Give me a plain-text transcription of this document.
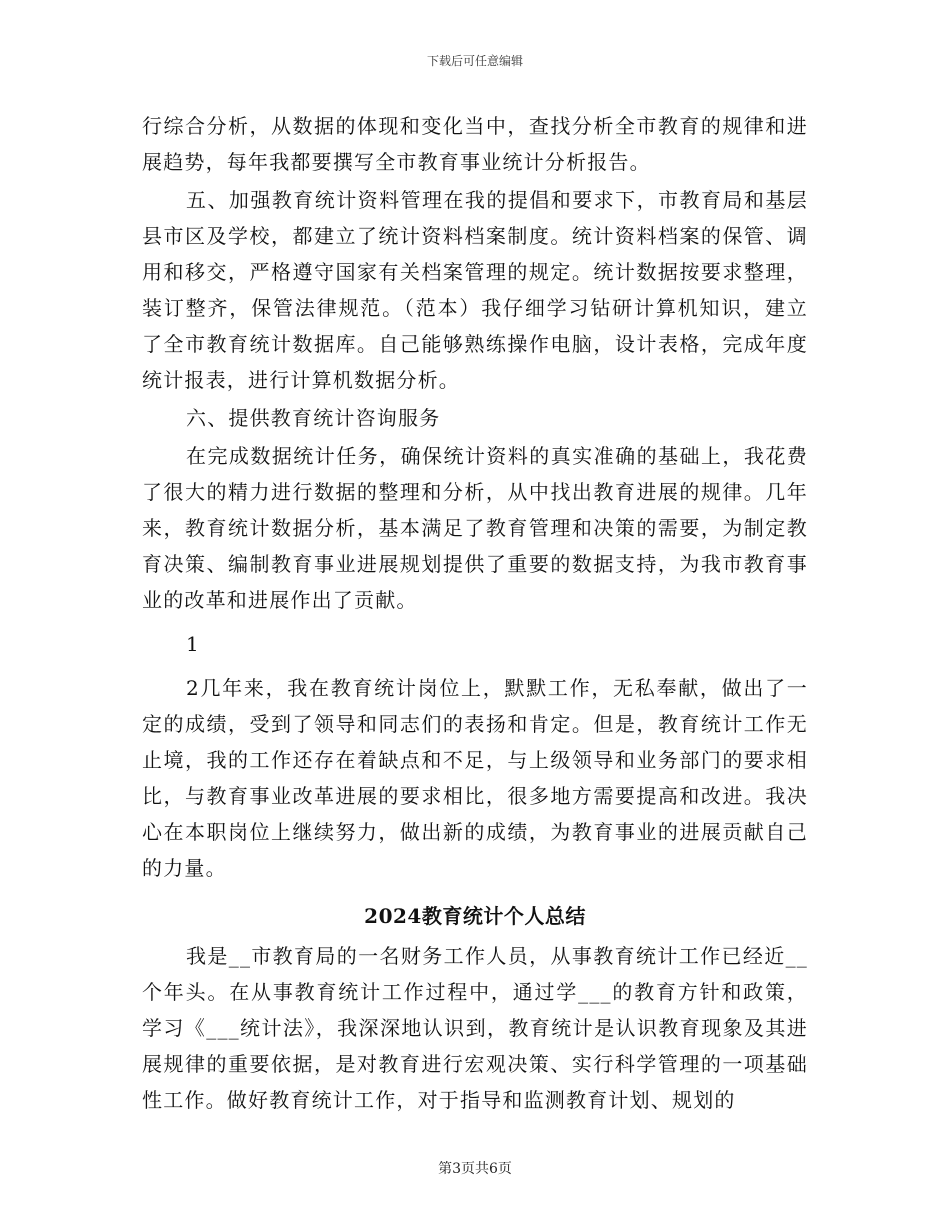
下载后可任意编辑

行综合分析，从数据的体现和变化当中，查找分析全市教育的规律和进展趋势，每年我都要撰写全市教育事业统计分析报告。

五、加强教育统计资料管理在我的提倡和要求下，市教育局和基层县市区及学校，都建立了统计资料档案制度。统计资料档案的保管、调用和移交，严格遵守国家有关档案管理的规定。统计数据按要求整理，装订整齐，保管法律规范。（范本）我仔细学习钻研计算机知识，建立了全市教育统计数据库。自己能够熟练操作电脑，设计表格，完成年度统计报表，进行计算机数据分析。

六、提供教育统计咨询服务

在完成数据统计任务，确保统计资料的真实准确的基础上，我花费了很大的精力进行数据的整理和分析，从中找出教育进展的规律。几年来，教育统计数据分析，基本满足了教育管理和决策的需要，为制定教育决策、编制教育事业进展规划提供了重要的数据支持，为我市教育事业的改革和进展作出了贡献。

1

2几年来，我在教育统计岗位上，默默工作，无私奉献，做出了一定的成绩，受到了领导和同志们的表扬和肯定。但是，教育统计工作无止境，我的工作还存在着缺点和不足，与上级领导和业务部门的要求相比，与教育事业改革进展的要求相比，很多地方需要提高和改进。我决心在本职岗位上继续努力，做出新的成绩，为教育事业的进展贡献自己的力量。

2024教育统计个人总结

我是__市教育局的一名财务工作人员，从事教育统计工作已经近__个年头。在从事教育统计工作过程中，通过学___的教育方针和政策，学习《___统计法》，我深深地认识到，教育统计是认识教育现象及其进展规律的重要依据，是对教育进行宏观决策、实行科学管理的一项基础性工作。做好教育统计工作，对于指导和监测教育计划、规划的

第3页共6页
